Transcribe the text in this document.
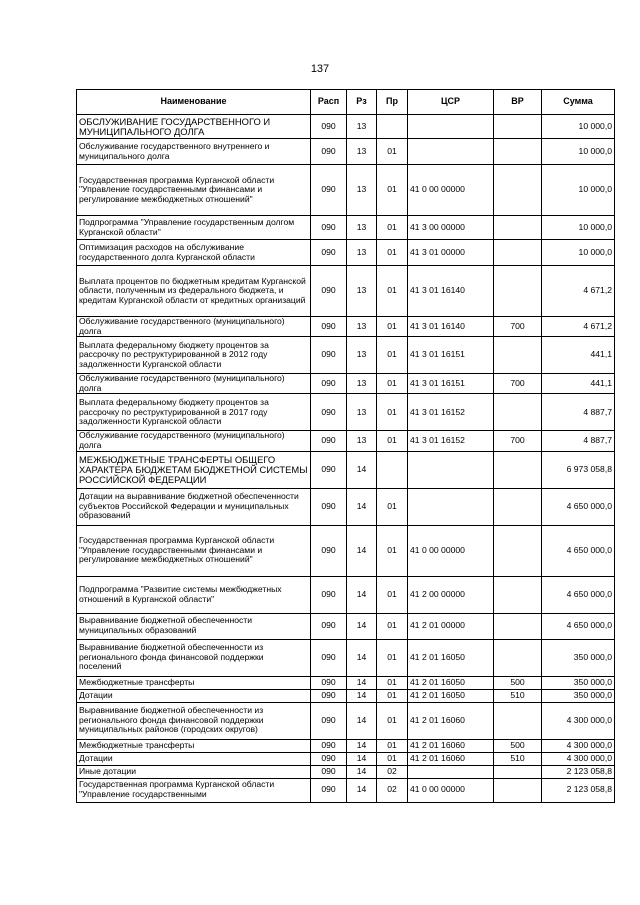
137
Наименование	Расп	Рз	Пр	ЦСР	ВР	Сумма
ОБСЛУЖИВАНИЕ ГОСУДАРСТВЕННОГО И МУНИЦИПАЛЬНОГО ДОЛГА	090	13				10 000,0
Обслуживание государственного внутреннего и муниципального долга	090	13	01			10 000,0
Государственная программа Курганской области "Управление государственными финансами и регулирование межбюджетных отношений"	090	13	01	41 0 00 00000		10 000,0
Подпрограмма "Управление государственным долгом Курганской области"	090	13	01	41 3 00 00000		10 000,0
Оптимизация расходов на обслуживание государственного долга Курганской области	090	13	01	41 3 01 00000		10 000,0
Выплата процентов по бюджетным кредитам Курганской области, полученным из федерального бюджета, и кредитам Курганской области от кредитных организаций	090	13	01	41 3 01 16140		4 671,2
Обслуживание государственного (муниципального) долга	090	13	01	41 3 01 16140	700	4 671,2
Выплата федеральному бюджету процентов за рассрочку по реструктурированной в 2012 году задолженности Курганской области	090	13	01	41 3 01 16151		441,1
Обслуживание государственного (муниципального) долга	090	13	01	41 3 01 16151	700	441,1
Выплата федеральному бюджету процентов за рассрочку по реструктурированной в 2017 году задолженности Курганской области	090	13	01	41 3 01 16152		4 887,7
Обслуживание государственного (муниципального) долга	090	13	01	41 3 01 16152	700	4 887,7
МЕЖБЮДЖЕТНЫЕ ТРАНСФЕРТЫ ОБЩЕГО ХАРАКТЕРА БЮДЖЕТАМ БЮДЖЕТНОЙ СИСТЕМЫ РОССИЙСКОЙ ФЕДЕРАЦИИ	090	14				6 973 058,8
Дотации на выравнивание бюджетной обеспеченности субъектов Российской Федерации и муниципальных образований	090	14	01			4 650 000,0
Государственная программа Курганской области "Управление государственными финансами и регулирование межбюджетных отношений"	090	14	01	41 0 00 00000		4 650 000,0
Подпрограмма "Развитие системы межбюджетных отношений в Курганской области"	090	14	01	41 2 00 00000		4 650 000,0
Выравнивание бюджетной обеспеченности муниципальных образований	090	14	01	41 2 01 00000		4 650 000,0
Выравнивание бюджетной обеспеченности из регионального фонда финансовой поддержки поселений	090	14	01	41 2 01 16050		350 000,0
Межбюджетные трансферты	090	14	01	41 2 01 16050	500	350 000,0
Дотации	090	14	01	41 2 01 16050	510	350 000,0
Выравнивание бюджетной обеспеченности из регионального фонда финансовой поддержки муниципальных районов (городских округов)	090	14	01	41 2 01 16060		4 300 000,0
Межбюджетные трансферты	090	14	01	41 2 01 16060	500	4 300 000,0
Дотации	090	14	01	41 2 01 16060	510	4 300 000,0
Иные дотации	090	14	02			2 123 058,8
Государственная программа Курганской области "Управление государственными	090	14	02	41 0 00 00000		2 123 058,8
